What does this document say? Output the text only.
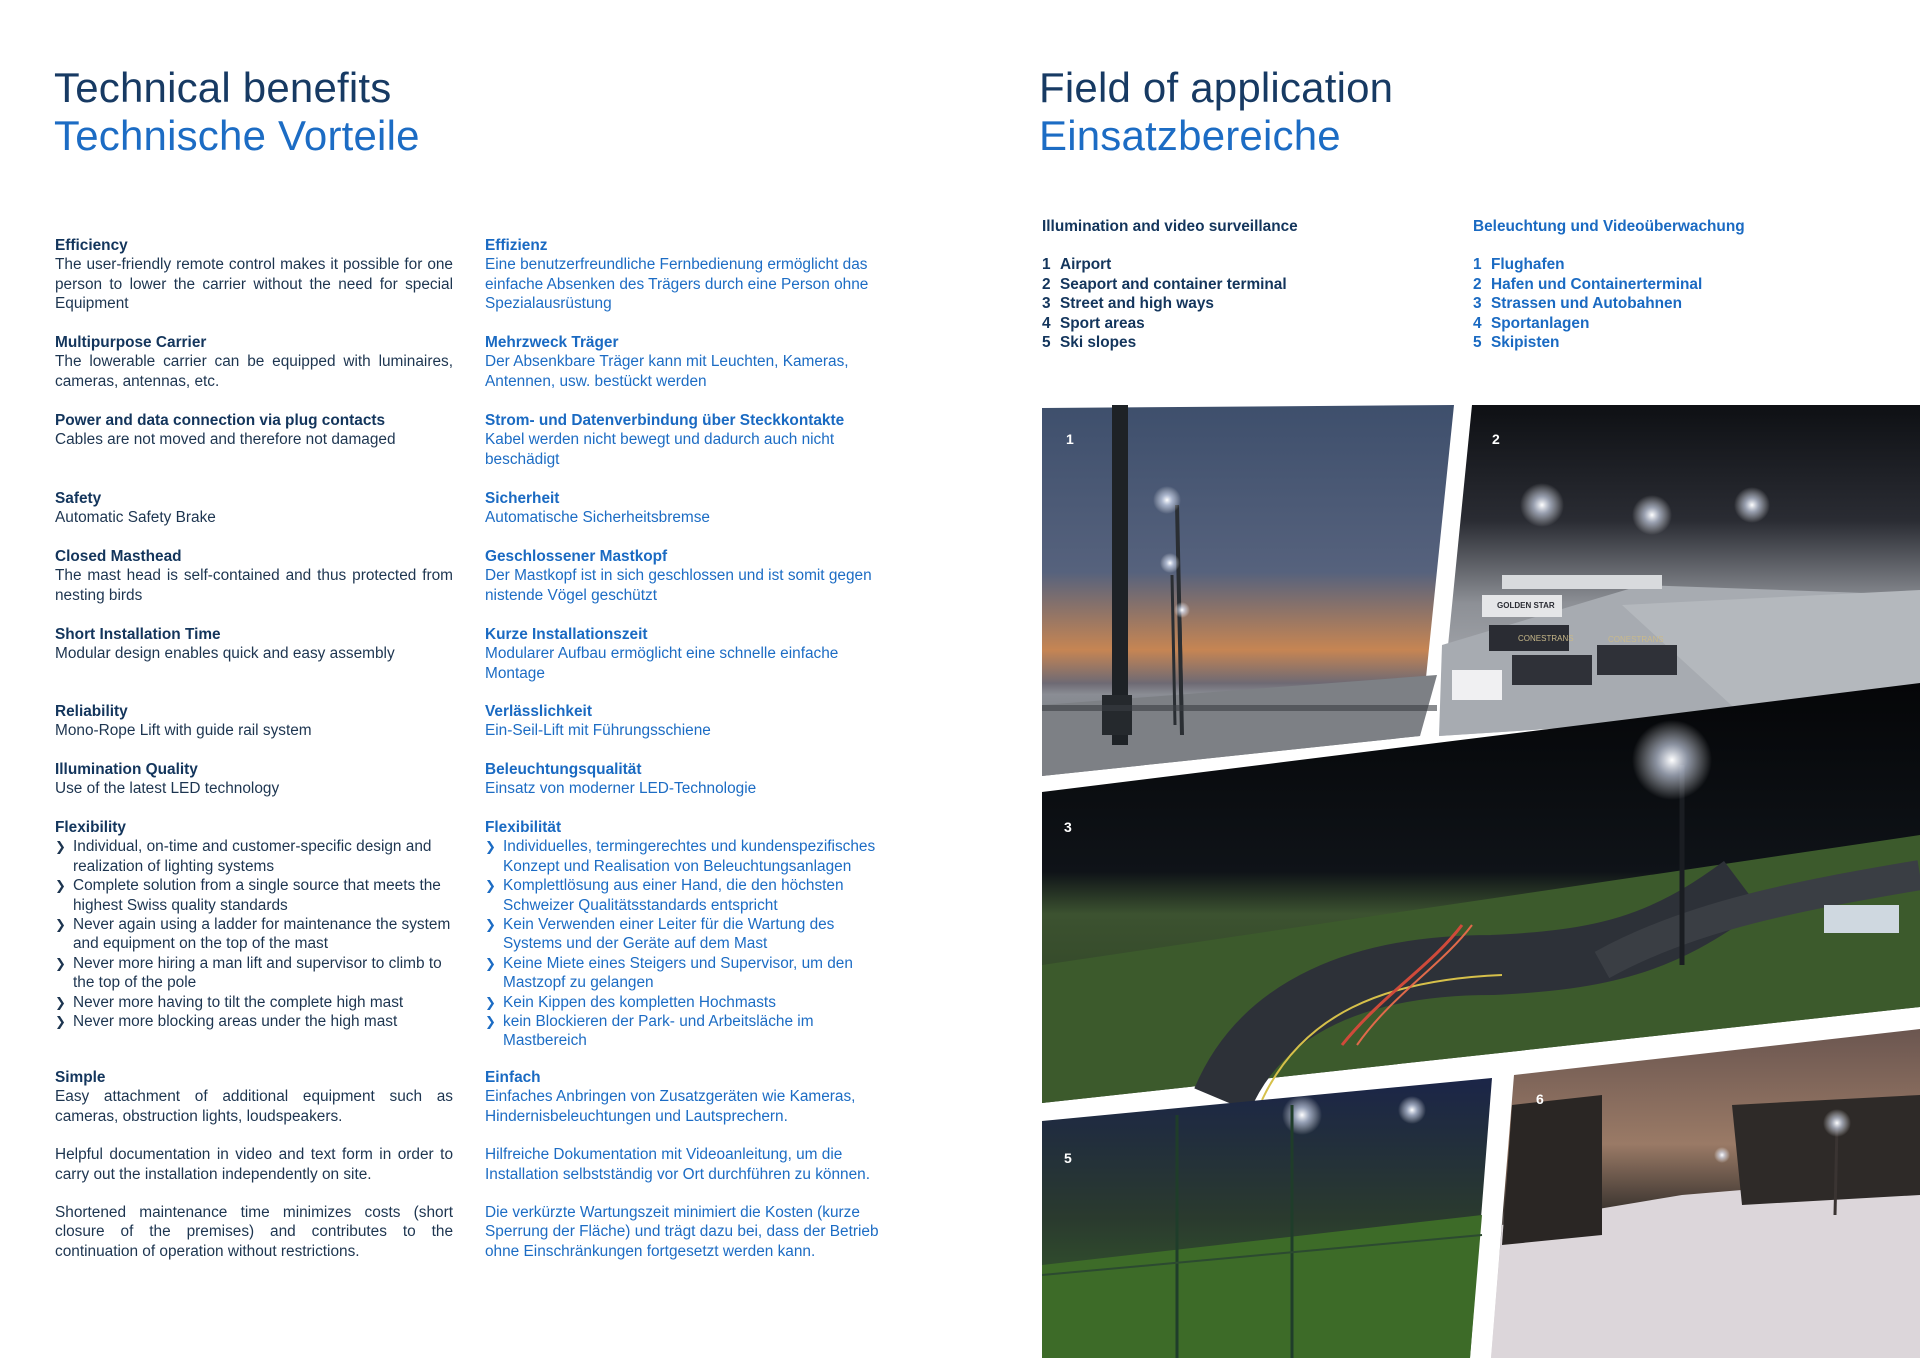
Technical benefits
Technische Vorteile
Efficiency
The user-friendly remote control makes it possible for one person to lower the carrier without the need for special Equipment
Multipurpose Carrier
The lowerable carrier can be equipped with luminaires, cameras, antennas, etc.
Power and data connection via plug contacts
Cables are not moved and therefore not damaged
Safety
Automatic Safety Brake
Closed Masthead
The mast head is self-contained and thus protected from nesting birds
Short Installation Time
Modular design enables quick and easy assembly
Reliability
Mono-Rope Lift with guide rail system
Illumination Quality
Use of the latest LED technology
Flexibility
❯ Individual, on-time and customer-specific design and realization of lighting systems
❯ Complete solution from a single source that meets the highest Swiss quality standards
❯ Never again using a ladder for maintenance the system and equipment on the top of the mast
❯ Never more hiring a man lift and supervisor to climb to the top of the pole
❯ Never more having to tilt the complete high mast
❯ Never more blocking areas under the high mast
Simple
Easy attachment of additional equipment such as cameras, obstruction lights, loudspeakers.
Helpful documentation in video and text form in order to carry out the installation independently on site.
Shortened maintenance time minimizes costs (short closure of the premises) and contributes to the continuation of operation without restrictions.
Effizienz
Eine benutzerfreundliche Fernbedienung ermöglicht das einfache Absenken des Trägers durch eine Person ohne Spezialausrüstung
Mehrzweck Träger
Der Absenkbare Träger kann mit Leuchten, Kameras, Antennen, usw. bestückt werden
Strom- und Datenverbindung über Steckkontakte
Kabel werden nicht bewegt und dadurch auch nicht beschädigt
Sicherheit
Automatische Sicherheitsbremse
Geschlossener Mastkopf
Der Mastkopf ist in sich geschlossen und ist somit gegen nistende Vögel geschützt
Kurze Installationszeit
Modularer Aufbau ermöglicht eine schnelle einfache Montage
Verlässlichkeit
Ein-Seil-Lift mit Führungsschiene
Beleuchtungsqualität
Einsatz von moderner LED-Technologie
Flexibilität
❯ Individuelles, termingerechtes und kundenspezifisches Konzept und Realisation von Beleuchtungsanlagen
❯ Komplettlösung aus einer Hand, die den höchsten Schweizer Qualitätsstandards entspricht
❯ Kein Verwenden einer Leiter für die Wartung des Systems und der Geräte auf dem Mast
❯ Keine Miete eines Steigers und Supervisor, um den Mastzopf zu gelangen
❯ Kein Kippen des kompletten Hochmasts
❯ kein Blockieren der Park- und Arbeitsläche im Mastbereich
Einfach
Einfaches Anbringen von Zusatzgeräten wie Kameras, Hindernisbeleuchtungen und Lautsprechern.
Hilfreiche Dokumentation mit Videoanleitung, um die Installation selbstständig vor Ort durchführen zu können.
Die verkürzte Wartungszeit minimiert die Kosten (kurze Sperrung der Fläche) und trägt dazu bei, dass der Betrieb ohne Einschränkungen fortgesetzt werden kann.
Field of application
Einsatzbereiche
Illumination and video surveillance
1 Airport
2 Seaport and container terminal
3 Street and high ways
4 Sport areas
5 Ski slopes
Beleuchtung und Videoüberwachung
1 Flughafen
2 Hafen und Containerterminal
3 Strassen und Autobahnen
4 Sportanlagen
5 Skipisten
1
GOLDEN STAR
CONESTRANS	CONESTRANS
2
3
5
6
